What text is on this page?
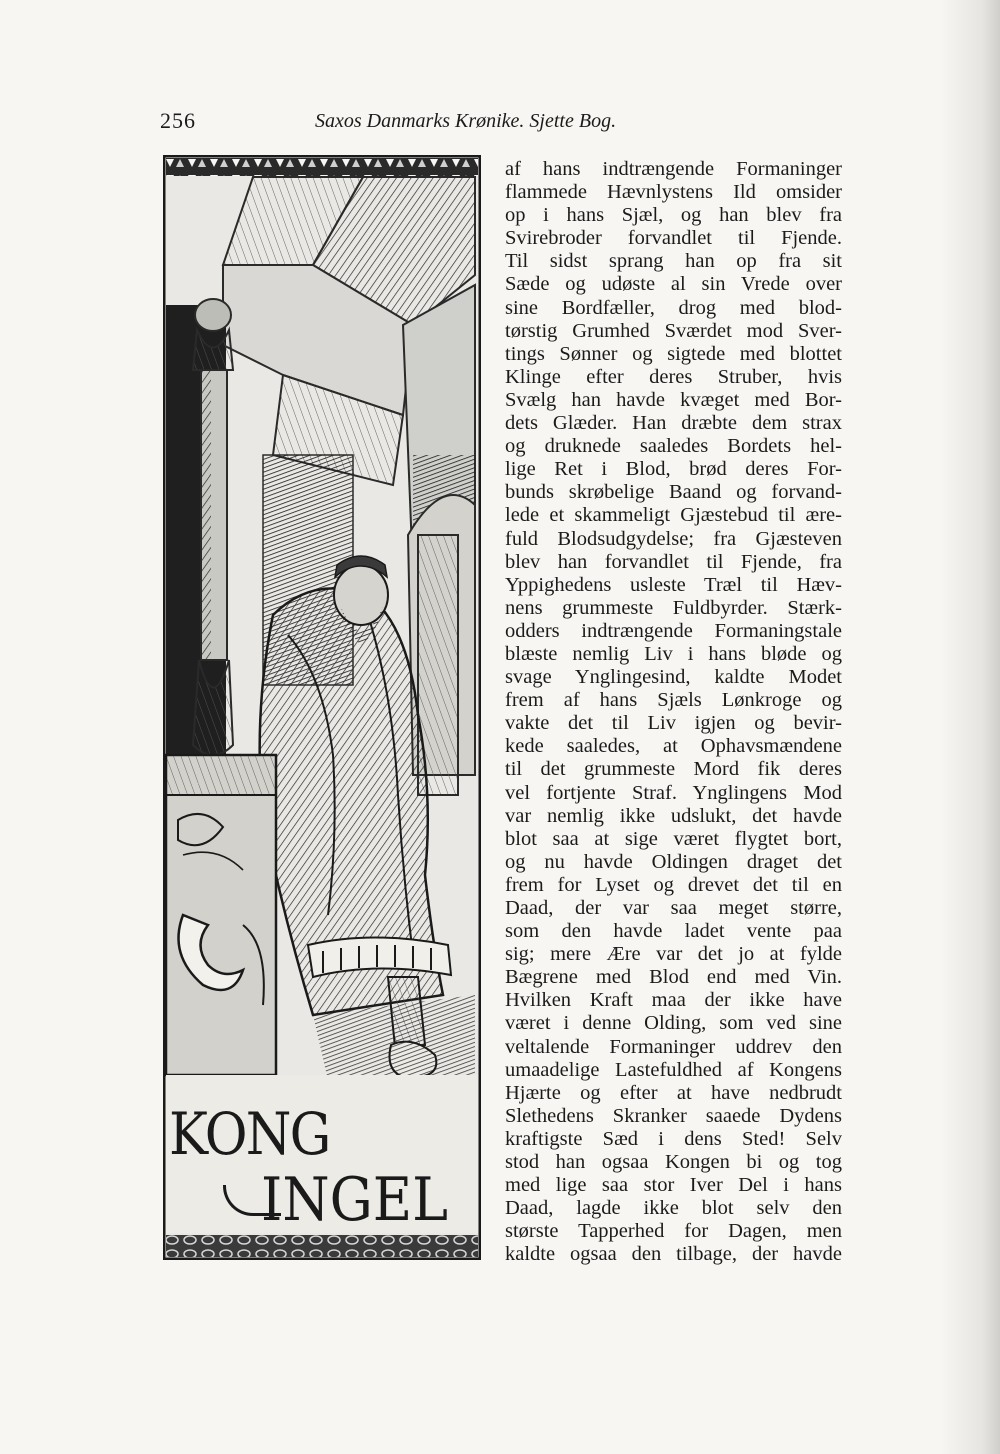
256	Saxos Danmarks Krønike. Sjette Bog.
KONG
INGEL
af hans indtrængende Formaninger
flammede Hævnlystens Ild omsider
op i hans Sjæl, og han blev fra
Svirebroder forvandlet til Fjende.
Til sidst sprang han op fra sit
Sæde og udøste al sin Vrede over
sine Bordfæller, drog med blod-
tørstig Grumhed Sværdet mod Sver-
tings Sønner og sigtede med blottet
Klinge efter deres Struber, hvis
Svælg han havde kvæget med Bor-
dets Glæder. Han dræbte dem strax
og druknede saaledes Bordets hel-
lige Ret i Blod, brød deres For-
bunds skrøbelige Baand og forvand-
lede et skammeligt Gjæstebud til ære-
fuld Blodsudgydelse; fra Gjæsteven
blev han forvandlet til Fjende, fra
Yppighedens usleste Træl til Hæv-
nens grummeste Fuldbyrder. Stærk-
odders indtrængende Formaningstale
blæste nemlig Liv i hans bløde og
svage Ynglingesind, kaldte Modet
frem af hans Sjæls Lønkroge og
vakte det til Liv igjen og bevir-
kede saaledes, at Ophavsmændene
til det grummeste Mord fik deres
vel fortjente Straf. Ynglingens Mod
var nemlig ikke udslukt, det havde
blot saa at sige været flygtet bort,
og nu havde Oldingen draget det
frem for Lyset og drevet det til en
Daad, der var saa meget større,
som den havde ladet vente paa
sig; mere Ære var det jo at fylde
Bægrene med Blod end med Vin.
Hvilken Kraft maa der ikke have
været i denne Olding, som ved sine
veltalende Formaninger uddrev den
umaadelige Lastefuldhed af Kongens
Hjærte og efter at have nedbrudt
Slethedens Skranker saaede Dydens
kraftigste Sæd i dens Sted! Selv
stod han ogsaa Kongen bi og tog
med lige saa stor Iver Del i hans
Daad, lagde ikke blot selv den
største Tapperhed for Dagen, men
kaldte ogsaa den tilbage, der havde
